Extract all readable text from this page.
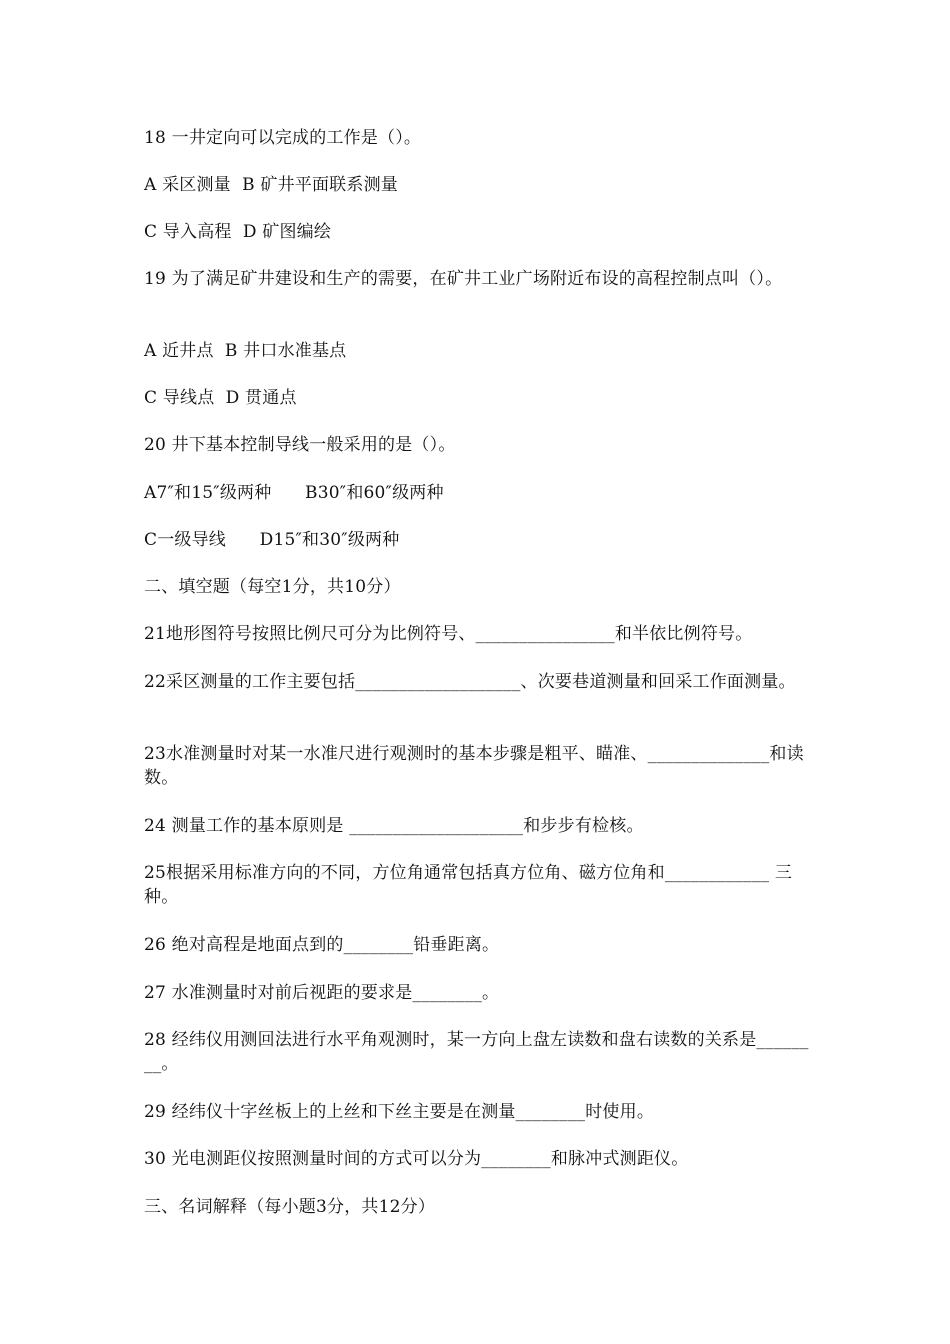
18 一井定向可以完成的工作是（）。
A 采区测量  B 矿井平面联系测量
C 导入高程  D 矿图编绘
19 为了满足矿井建设和生产的需要，在矿井工业广场附近布设的高程控制点叫（）。
A 近井点  B 井口水准基点
C 导线点  D 贯通点
20 井下基本控制导线一般采用的是（）。
A7″和15″级两种      B30″和60″级两种
C一级导线      D15″和30″级两种
二、填空题（每空1分，共10分）
21地形图符号按照比例尺可分为比例符号、________________和半依比例符号。
22采区测量的工作主要包括___________________、次要巷道测量和回采工作面测量。
23水准测量时对某一水准尺进行观测时的基本步骤是粗平、瞄准、______________和读数。
24 测量工作的基本原则是 ____________________和步步有检核。
25根据采用标准方向的不同，方位角通常包括真方位角、磁方位角和____________ 三种。
26 绝对高程是地面点到的________铅垂距离。
27 水准测量时对前后视距的要求是________。
28 经纬仪用测回法进行水平角观测时，某一方向上盘左读数和盘右读数的关系是________。
29 经纬仪十字丝板上的上丝和下丝主要是在测量________时使用。
30 光电测距仪按照测量时间的方式可以分为________和脉冲式测距仪。
三、名词解释（每小题3分，共12分）
